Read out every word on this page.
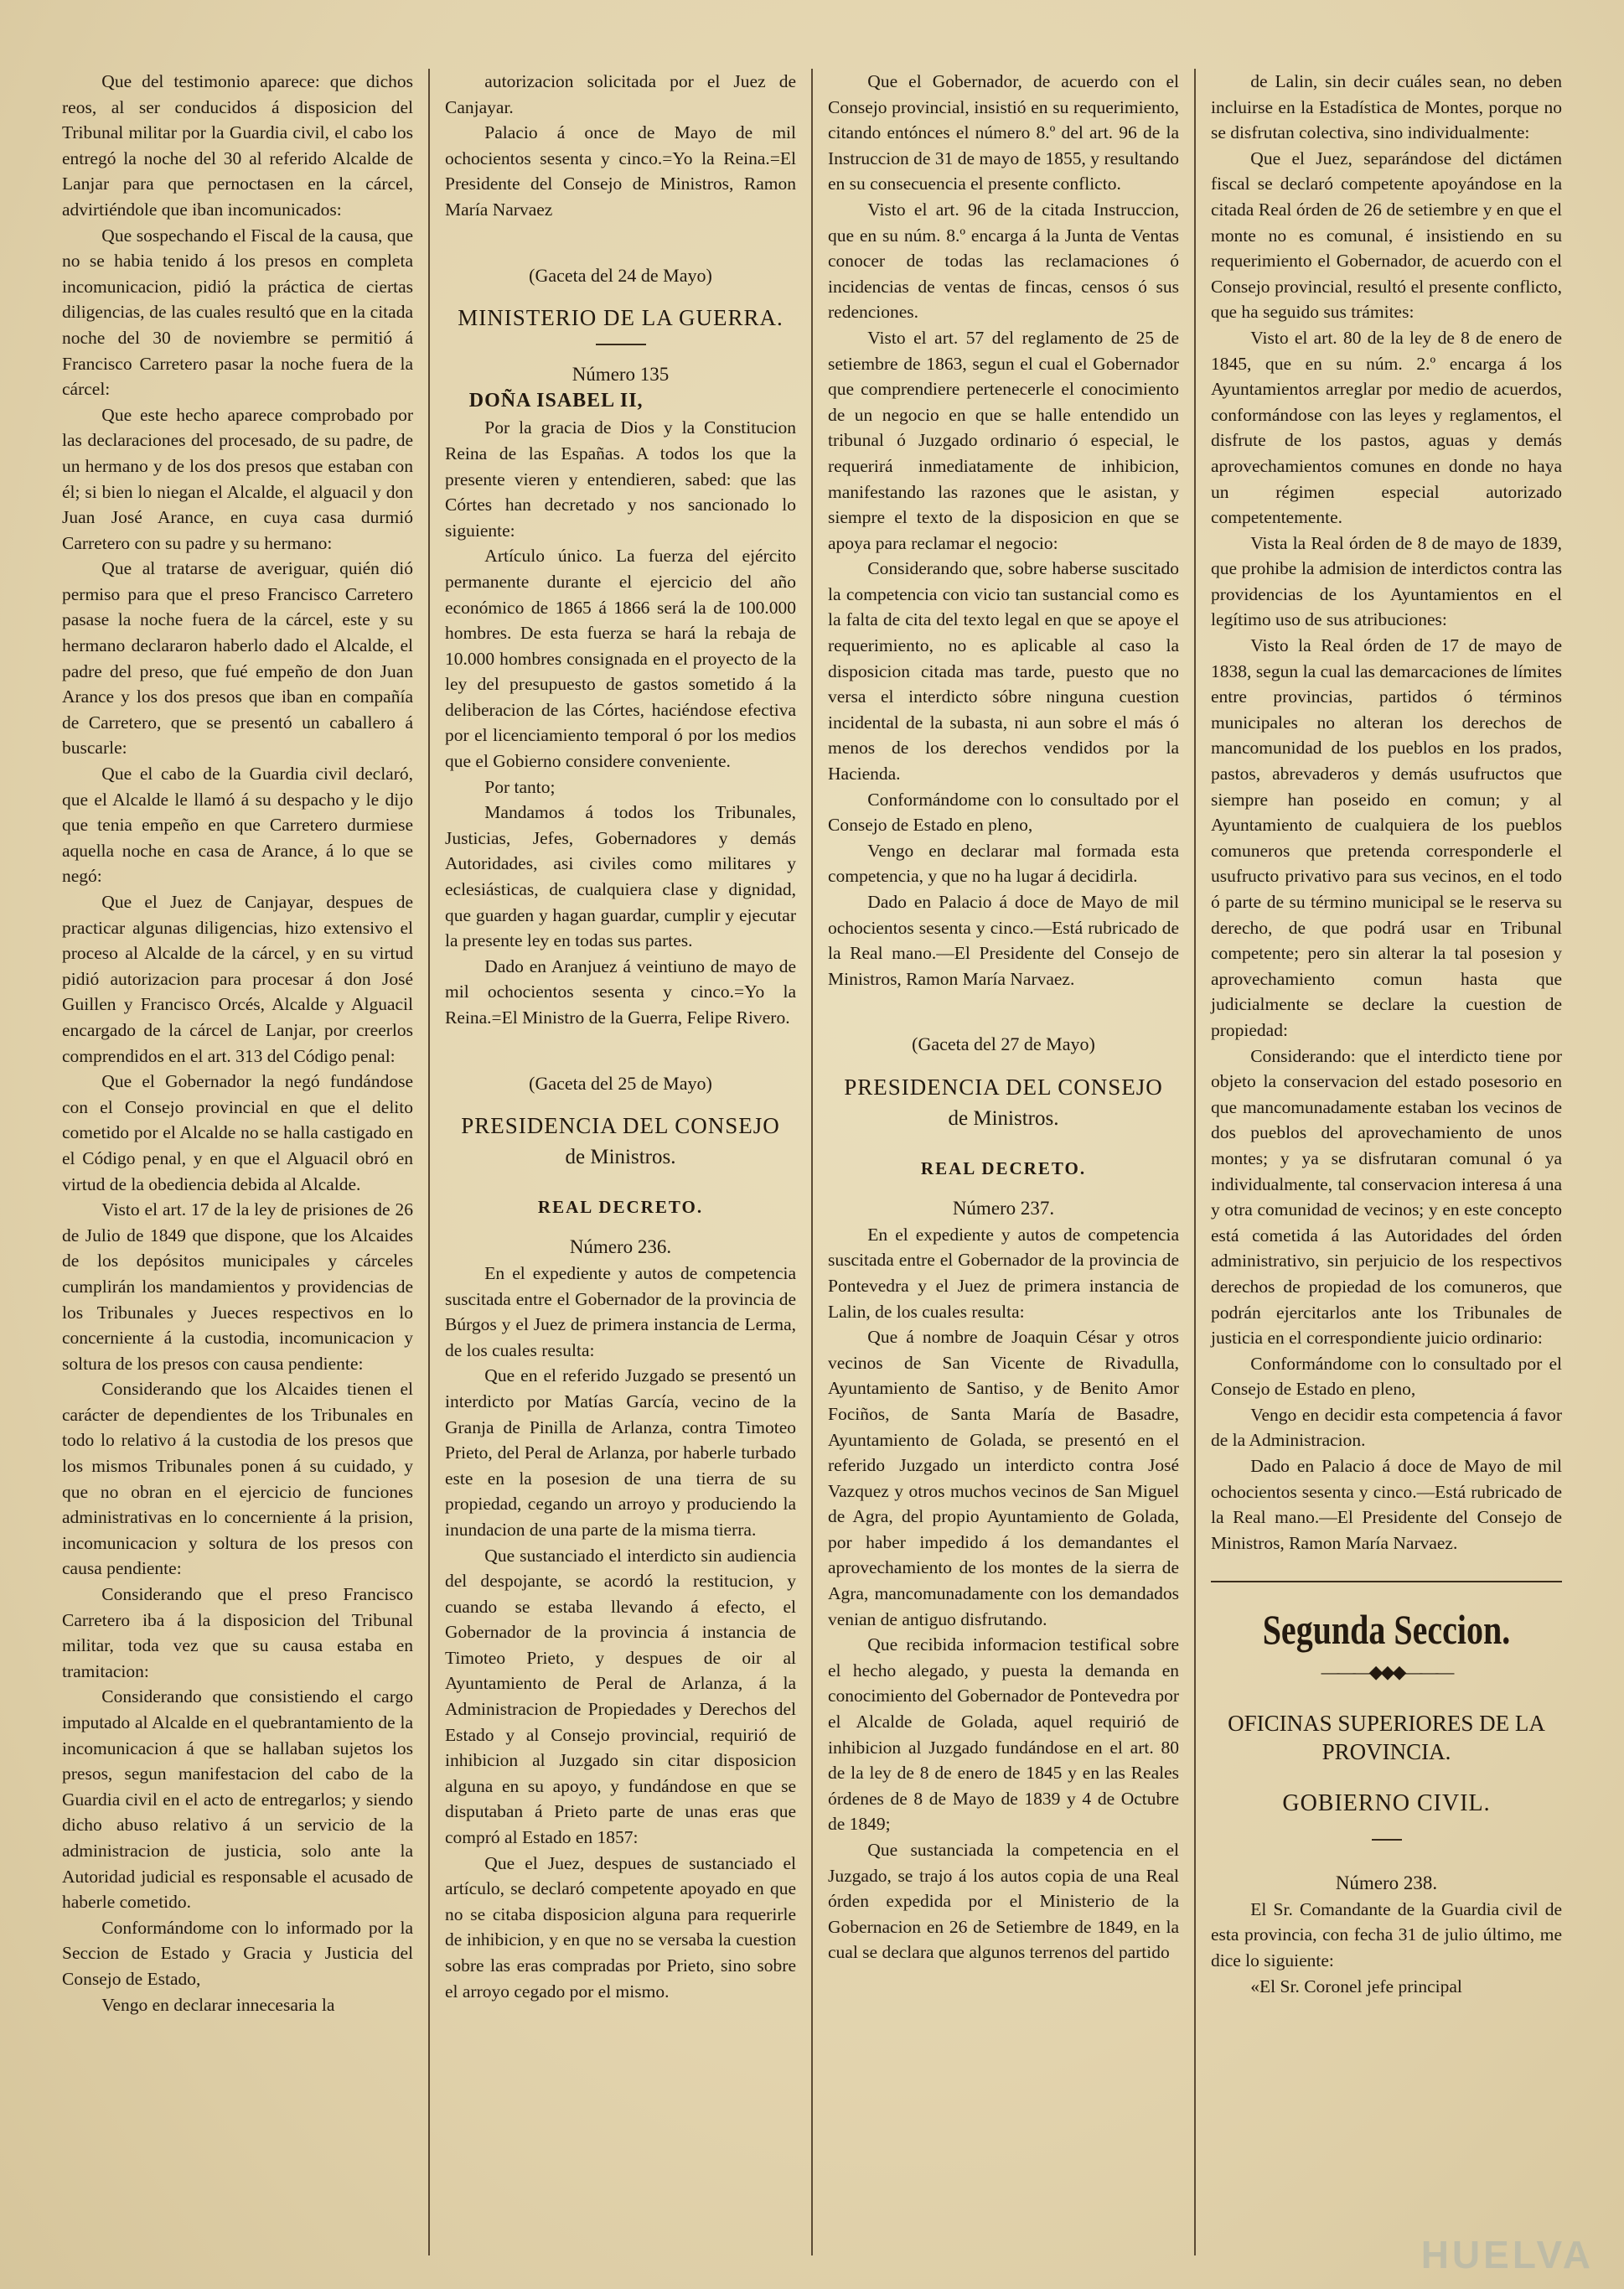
Que del testimonio aparece: que dichos reos, al ser conducidos á disposicion del Tribunal militar por la Guardia civil, el cabo los entregó la noche del 30 al referido Alcalde de Lanjar para que pernoctasen en la cárcel, advirtiéndole que iban incomunicados:

Que sospechando el Fiscal de la causa, que no se habia tenido á los presos en completa incomunicacion, pidió la práctica de ciertas diligencias, de las cuales resultó que en la citada noche del 30 de noviembre se permitió á Francisco Carretero pasar la noche fuera de la cárcel:

Que este hecho aparece comprobado por las declaraciones del procesado, de su padre, de un hermano y de los dos presos que estaban con él; si bien lo niegan el Alcalde, el alguacil y don Juan José Arance, en cuya casa durmió Carretero con su padre y su hermano:

Que al tratarse de averiguar, quién dió permiso para que el preso Francisco Carretero pasase la noche fuera de la cárcel, este y su hermano declararon haberlo dado el Alcalde, el padre del preso, que fué empeño de don Juan Arance y los dos presos que iban en compañía de Carretero, que se presentó un caballero á buscarle:

Que el cabo de la Guardia civil declaró, que el Alcalde le llamó á su despacho y le dijo que tenia empeño en que Carretero durmiese aquella noche en casa de Arance, á lo que se negó:

Que el Juez de Canjayar, despues de practicar algunas diligencias, hizo extensivo el proceso al Alcalde de la cárcel, y en su virtud pidió autorizacion para procesar á don José Guillen y Francisco Orcés, Alcalde y Alguacil encargado de la cárcel de Lanjar, por creerlos comprendidos en el art. 313 del Código penal:

Que el Gobernador la negó fundándose con el Consejo provincial en que el delito cometido por el Alcalde no se halla castigado en el Código penal, y en que el Alguacil obró en virtud de la obediencia debida al Alcalde.

Visto el art. 17 de la ley de prisiones de 26 de Julio de 1849 que dispone, que los Alcaides de los depósitos municipales y cárceles cumplirán los mandamientos y providencias de los Tribunales y Jueces respectivos en lo concerniente á la custodia, incomunicacion y soltura de los presos con causa pendiente:

Considerando que los Alcaides tienen el carácter de dependientes de los Tribunales en todo lo relativo á la custodia de los presos que los mismos Tribunales ponen á su cuidado, y que no obran en el ejercicio de funciones administrativas en lo concerniente á la prision, incomunicacion y soltura de los presos con causa pendiente:

Considerando que el preso Francisco Carretero iba á la disposicion del Tribunal militar, toda vez que su causa estaba en tramitacion:

Considerando que consistiendo el cargo imputado al Alcalde en el quebrantamiento de la incomunicacion á que se hallaban sujetos los presos, segun manifestacion del cabo de la Guardia civil en el acto de entregarlos; y siendo dicho abuso relativo á un servicio de la administracion de justicia, solo ante la Autoridad judicial es responsable el acusado de haberle cometido.

Conformándome con lo informado por la Seccion de Estado y Gracia y Justicia del Consejo de Estado,

Vengo en declarar innecesaria la

autorizacion solicitada por el Juez de Canjayar.

Palacio á once de Mayo de mil ochocientos sesenta y cinco.=Yo la Reina.=El Presidente del Consejo de Ministros, Ramon María Narvaez

(Gaceta del 24 de Mayo)
MINISTERIO DE LA GUERRA.
Número 135
DOÑA ISABEL II,

Por la gracia de Dios y la Constitucion Reina de las Españas. A todos los que la presente vieren y entendieren, sabed: que las Córtes han decretado y nos sancionado lo siguiente:

Artículo único. La fuerza del ejército permanente durante el ejercicio del año económico de 1865 á 1866 será la de 100.000 hombres. De esta fuerza se hará la rebaja de 10.000 hombres consignada en el proyecto de la ley del presupuesto de gastos sometido á la deliberacion de las Córtes, haciéndose efectiva por el licenciamiento temporal ó por los medios que el Gobierno considere conveniente.

Por tanto;

Mandamos á todos los Tribunales, Justicias, Jefes, Gobernadores y demás Autoridades, asi civiles como militares y eclesiásticas, de cualquiera clase y dignidad, que guarden y hagan guardar, cumplir y ejecutar la presente ley en todas sus partes.

Dado en Aranjuez á veintiuno de mayo de mil ochocientos sesenta y cinco.=Yo la Reina.=El Ministro de la Guerra, Felipe Rivero.

(Gaceta del 25 de Mayo)
PRESIDENCIA DEL CONSEJO
de Ministros.
REAL DECRETO.
Número 236.

En el expediente y autos de competencia suscitada entre el Gobernador de la provincia de Búrgos y el Juez de primera instancia de Lerma, de los cuales resulta:

Que en el referido Juzgado se presentó un interdicto por Matías García, vecino de la Granja de Pinilla de Arlanza, contra Timoteo Prieto, del Peral de Arlanza, por haberle turbado este en la posesion de una tierra de su propiedad, cegando un arroyo y produciendo la inundacion de una parte de la misma tierra.

Que sustanciado el interdicto sin audiencia del despojante, se acordó la restitucion, y cuando se estaba llevando á efecto, el Gobernador de la provincia á instancia de Timoteo Prieto, y despues de oir al Ayuntamiento de Peral de Arlanza, á la Administracion de Propiedades y Derechos del Estado y al Consejo provincial, requirió de inhibicion al Juzgado sin citar disposicion alguna en su apoyo, y fundándose en que se disputaban á Prieto parte de unas eras que compró al Estado en 1857:

Que el Juez, despues de sustanciado el artículo, se declaró competente apoyado en que no se citaba disposicion alguna para requerirle de inhibicion, y en que no se versaba la cuestion sobre las eras compradas por Prieto, sino sobre el arroyo cegado por el mismo.

Que el Gobernador, de acuerdo con el Consejo provincial, insistió en su requerimiento, citando entónces el número 8.º del art. 96 de la Instruccion de 31 de mayo de 1855, y resultando en su consecuencia el presente conflicto.

Visto el art. 96 de la citada Instruccion, que en su núm. 8.º encarga á la Junta de Ventas conocer de todas las reclamaciones ó incidencias de ventas de fincas, censos ó sus redenciones.

Visto el art. 57 del reglamento de 25 de setiembre de 1863, segun el cual el Gobernador que comprendiere pertenecerle el conocimiento de un negocio en que se halle entendido un tribunal ó Juzgado ordinario ó especial, le requerirá inmediatamente de inhibicion, manifestando las razones que le asistan, y siempre el texto de la disposicion en que se apoya para reclamar el negocio:

Considerando que, sobre haberse suscitado la competencia con vicio tan sustancial como es la falta de cita del texto legal en que se apoye el requerimiento, no es aplicable al caso la disposicion citada mas tarde, puesto que no versa el interdicto sóbre ninguna cuestion incidental de la subasta, ni aun sobre el más ó menos de los derechos vendidos por la Hacienda.

Conformándome con lo consultado por el Consejo de Estado en pleno,

Vengo en declarar mal formada esta competencia, y que no ha lugar á decidirla.

Dado en Palacio á doce de Mayo de mil ochocientos sesenta y cinco.—Está rubricado de la Real mano.—El Presidente del Consejo de Ministros, Ramon María Narvaez.

(Gaceta del 27 de Mayo)
PRESIDENCIA DEL CONSEJO
de Ministros.
REAL DECRETO.
Número 237.

En el expediente y autos de competencia suscitada entre el Gobernador de la provincia de Pontevedra y el Juez de primera instancia de Lalin, de los cuales resulta:

Que á nombre de Joaquin César y otros vecinos de San Vicente de Rivadulla, Ayuntamiento de Santiso, y de Benito Amor Fociños, de Santa María de Basadre, Ayuntamiento de Golada, se presentó en el referido Juzgado un interdicto contra José Vazquez y otros muchos vecinos de San Miguel de Agra, del propio Ayuntamiento de Golada, por haber impedido á los demandantes el aprovechamiento de los montes de la sierra de Agra, mancomunadamente con los demandados venian de antiguo disfrutando.

Que recibida informacion testifical sobre el hecho alegado, y puesta la demanda en conocimiento del Gobernador de Pontevedra por el Alcalde de Golada, aquel requirió de inhibicion al Juzgado fundándose en el art. 80 de la ley de 8 de enero de 1845 y en las Reales órdenes de 8 de Mayo de 1839 y 4 de Octubre de 1849;

Que sustanciada la competencia en el Juzgado, se trajo á los autos copia de una Real órden expedida por el Ministerio de la Gobernacion en 26 de Setiembre de 1849, en la cual se declara que algunos terrenos del partido

de Lalin, sin decir cuáles sean, no deben incluirse en la Estadística de Montes, porque no se disfrutan colectiva, sino individualmente:

Que el Juez, separándose del dictámen fiscal se declaró competente apoyándose en la citada Real órden de 26 de setiembre y en que el monte no es comunal, é insistiendo en su requerimiento el Gobernador, de acuerdo con el Consejo provincial, resultó el presente conflicto, que ha seguido sus trámites:

Visto el art. 80 de la ley de 8 de enero de 1845, que en su núm. 2.º encarga á los Ayuntamientos arreglar por medio de acuerdos, conformándose con las leyes y reglamentos, el disfrute de los pastos, aguas y demás aprovechamientos comunes en donde no haya un régimen especial autorizado competentemente.

Vista la Real órden de 8 de mayo de 1839, que prohibe la admision de interdictos contra las providencias de los Ayuntamientos en el legítimo uso de sus atribuciones:

Visto la Real órden de 17 de mayo de 1838, segun la cual las demarcaciones de límites entre provincias, partidos ó términos municipales no alteran los derechos de mancomunidad de los pueblos en los prados, pastos, abrevaderos y demás usufructos que siempre han poseido en comun; y al Ayuntamiento de cualquiera de los pueblos comuneros que pretenda corresponderle el usufructo privativo para sus vecinos, en el todo ó parte de su término municipal se le reserva su derecho, de que podrá usar en Tribunal competente; pero sin alterar la tal posesion y aprovechamiento comun hasta que judicialmente se declare la cuestion de propiedad:

Considerando: que el interdicto tiene por objeto la conservacion del estado posesorio en que mancomunadamente estaban los vecinos de dos pueblos del aprovechamiento de unos montes; y ya se disfrutaran comunal ó ya individualmente, tal conservacion interesa á una y otra comunidad de vecinos; y en este concepto está cometida á las Autoridades del órden administrativo, sin perjuicio de los respectivos derechos de propiedad de los comuneros, que podrán ejercitarlos ante los Tribunales de justicia en el correspondiente juicio ordinario:

Conformándome con lo consultado por el Consejo de Estado en pleno,

Vengo en decidir esta competencia á favor de la Administracion.

Dado en Palacio á doce de Mayo de mil ochocientos sesenta y cinco.—Está rubricado de la Real mano.—El Presidente del Consejo de Ministros, Ramon María Narvaez.

Segunda Seccion.
———◆◆◆———
OFICINAS SUPERIORES DE LA PROVINCIA.
GOBIERNO CIVIL.
Número 238.

El Sr. Comandante de la Guardia civil de esta provincia, con fecha 31 de julio último, me dice lo siguiente:

«El Sr. Coronel jefe principal

HUELVA
